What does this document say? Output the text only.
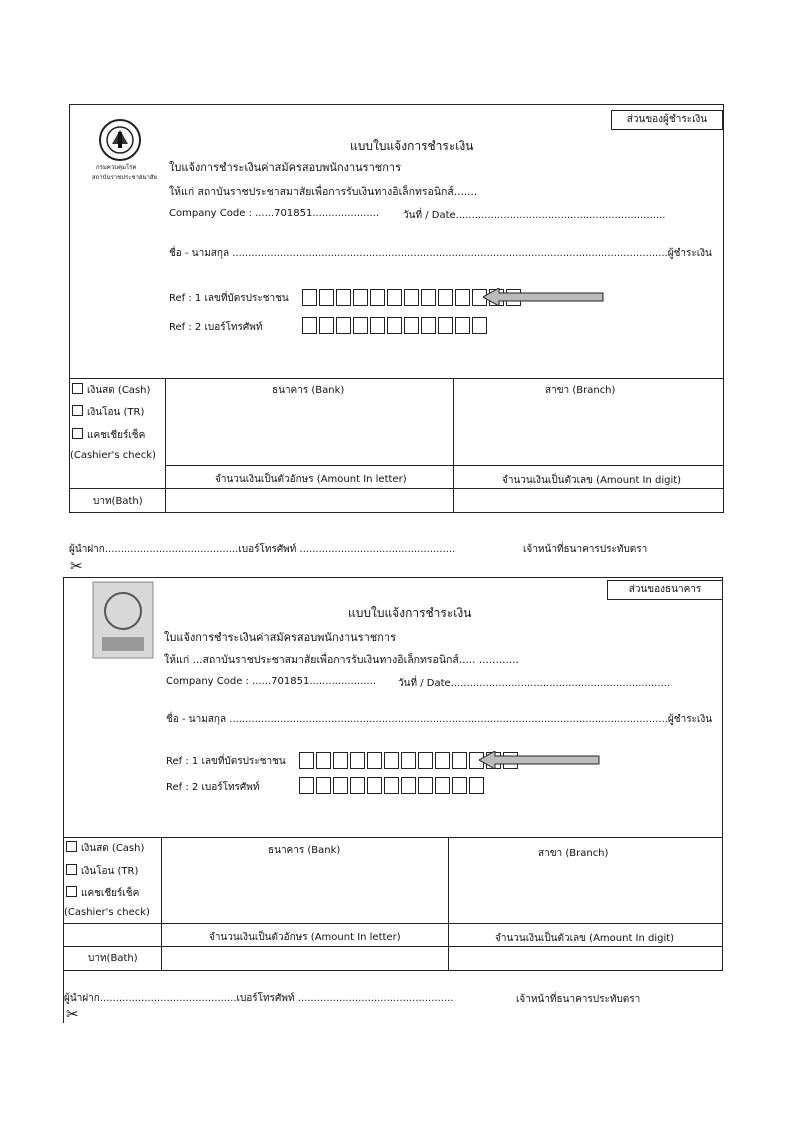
ส่วนของผู้ชำระเงิน
กรมควบคุมโรค
สถาบันราชประชาสมาสัย
แบบใบแจ้งการชำระเงิน
ใบแจ้งการชำระเงินค่าสมัครสอบพนักงานราชการ
ให้แก่ สถาบันราชประชาสมาสัยเพื่อการรับเงินทางอิเล็กทรอนิกส์.......
Company Code : ......701851..................... วันที่ / Date..................................................................
ชื่อ - นามสกุล .........................................................................................................................................ผู้ชำระเงิน
Ref : 1 เลขที่บัตรประชาชน
Ref : 2 เบอร์โทรศัพท์
เงินสด (Cash)
เงินโอน (TR)
แคชเชียร์เช็ค
(Cashier's check)
ธนาคาร (Bank)	สาขา (Branch)
จำนวนเงินเป็นตัวอักษร (Amount In letter)	จำนวนเงินเป็นตัวเลข (Amount In digit)
บาท(Bath)
ผู้นำฝาก..........................................เบอร์โทรศัพท์ .................................................	เจ้าหน้าที่ธนาคารประทับตรา
✂
ส่วนของธนาคาร
แบบใบแจ้งการชำระเงิน
ใบแจ้งการชำระเงินค่าสมัครสอบพนักงานราชการ
ให้แก่ ...สถาบันราชประชาสมาสัยเพื่อการรับเงินทางอิเล็กทรอนิกส์..... ............
Company Code : ......701851..................... วันที่ / Date.....................................................................
ชื่อ - นามสกุล ..........................................................................................................................................ผู้ชำระเงิน
Ref : 1 เลขที่บัตรประชาชน
Ref : 2 เบอร์โทรศัพท์
เงินสด (Cash)
เงินโอน (TR)
แคชเชียร์เช็ค
(Cashier's check)
ธนาคาร (Bank)	สาขา (Branch)
จำนวนเงินเป็นตัวอักษร (Amount In letter)	จำนวนเงินเป็นตัวเลข (Amount In digit)
บาท(Bath)
ผู้นำฝาก...........................................เบอร์โทรศัพท์ .................................................	เจ้าหน้าที่ธนาคารประทับตรา
✂
